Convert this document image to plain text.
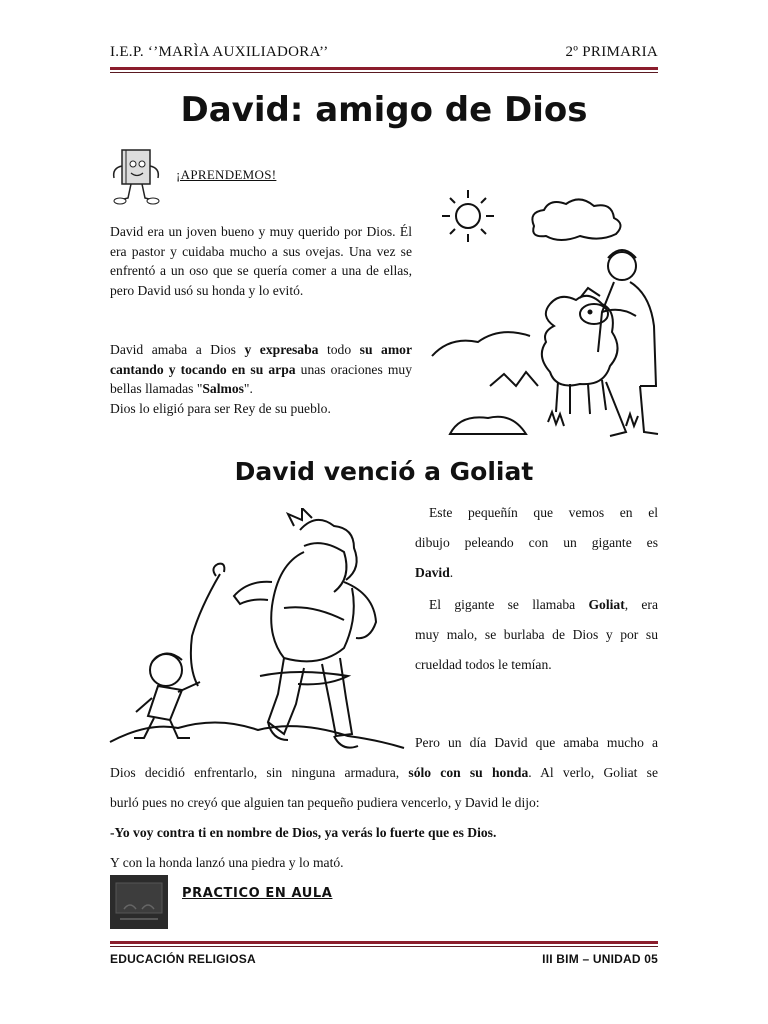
I.E.P. ‘’MARÌA AUXILIADORA’’	2º PRIMARIA
David: amigo de Dios
¡APRENDEMOS!
David era un joven bueno y muy querido por Dios. Él era pastor y cuidaba mucho a sus ovejas. Una vez se enfrentó a un oso que se quería comer a una de ellas, pero David usó su honda y lo evitó.
David amaba a Dios y expresaba todo su amor cantando y tocando en su arpa unas oraciones muy bellas llamadas "Salmos".
Dios lo eligió para ser Rey de su pueblo.
David venció a Goliat
Este pequeñín que vemos en el
dibujo peleando con un gigante es
David.
El gigante se llamaba Goliat, era
muy malo, se burlaba de Dios y por su
crueldad todos le temían.
Pero un día David que amaba mucho a
Dios decidió enfrentarlo, sin ninguna armadura, sólo con su honda. Al verlo, Goliat se
burló pues no creyó que alguien tan pequeño pudiera vencerlo, y David le dijo:
-Yo voy contra ti en nombre de Dios, ya verás lo fuerte que es Dios.
Y con la honda lanzó una piedra y lo mató.
PRACTICO EN AULA
EDUCACIÓN RELIGIOSA	III BIM – UNIDAD 05
